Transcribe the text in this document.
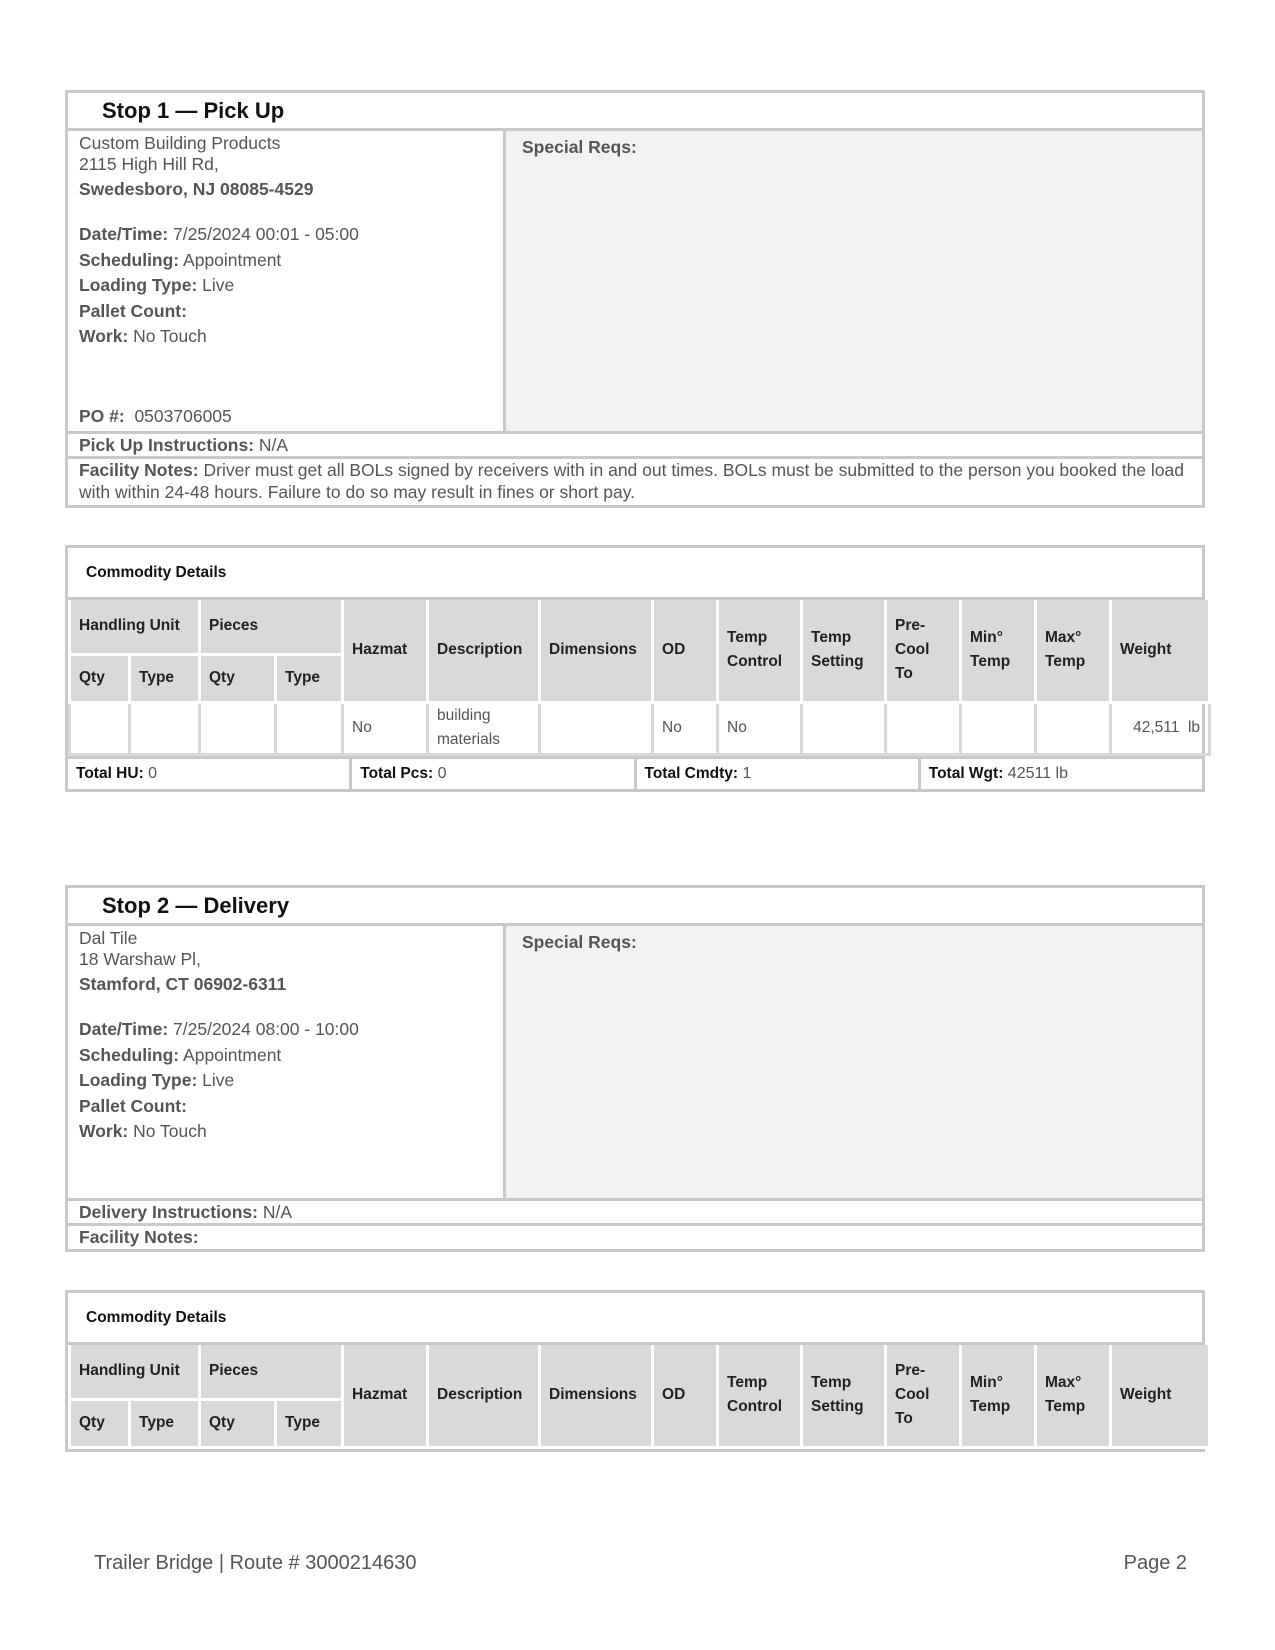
Stop 1 — Pick Up
Custom Building Products
2115 High Hill Rd,
Swedesboro, NJ 08085-4529
Date/Time: 7/25/2024 00:01 - 05:00
Scheduling: Appointment
Loading Type: Live
Pallet Count:
Work: No Touch
PO #:  0503706005
Special Reqs:
Pick Up Instructions: N/A
Facility Notes: Driver must get all BOLs signed by receivers with in and out times. BOLs must be submitted to the person you booked the load with within 24-48 hours. Failure to do so may result in fines or short pay.
Commodity Details
Handling Unit		Pieces		Hazmat	Description	Dimensions	OD	Temp Control	Temp Setting	Pre-Cool To	Min° Temp	Max° Temp	Weight
Qty	Type	Qty	Type										
				No	building materials		No	No					42,511  lb
Total HU: 0	Total Pcs: 0	Total Cmdty: 1	Total Wgt: 42511 lb
Stop 2 — Delivery
Dal Tile
18 Warshaw Pl,
Stamford, CT 06902-6311
Date/Time: 7/25/2024 08:00 - 10:00
Scheduling: Appointment
Loading Type: Live
Pallet Count:
Work: No Touch
Special Reqs:
Delivery Instructions: N/A
Facility Notes:
Commodity Details
Handling Unit		Pieces		Hazmat	Description	Dimensions	OD	Temp Control	Temp Setting	Pre-Cool To	Min° Temp	Max° Temp	Weight
Qty	Type	Qty	Type										
Trailer Bridge | Route # 3000214630	Page 2
